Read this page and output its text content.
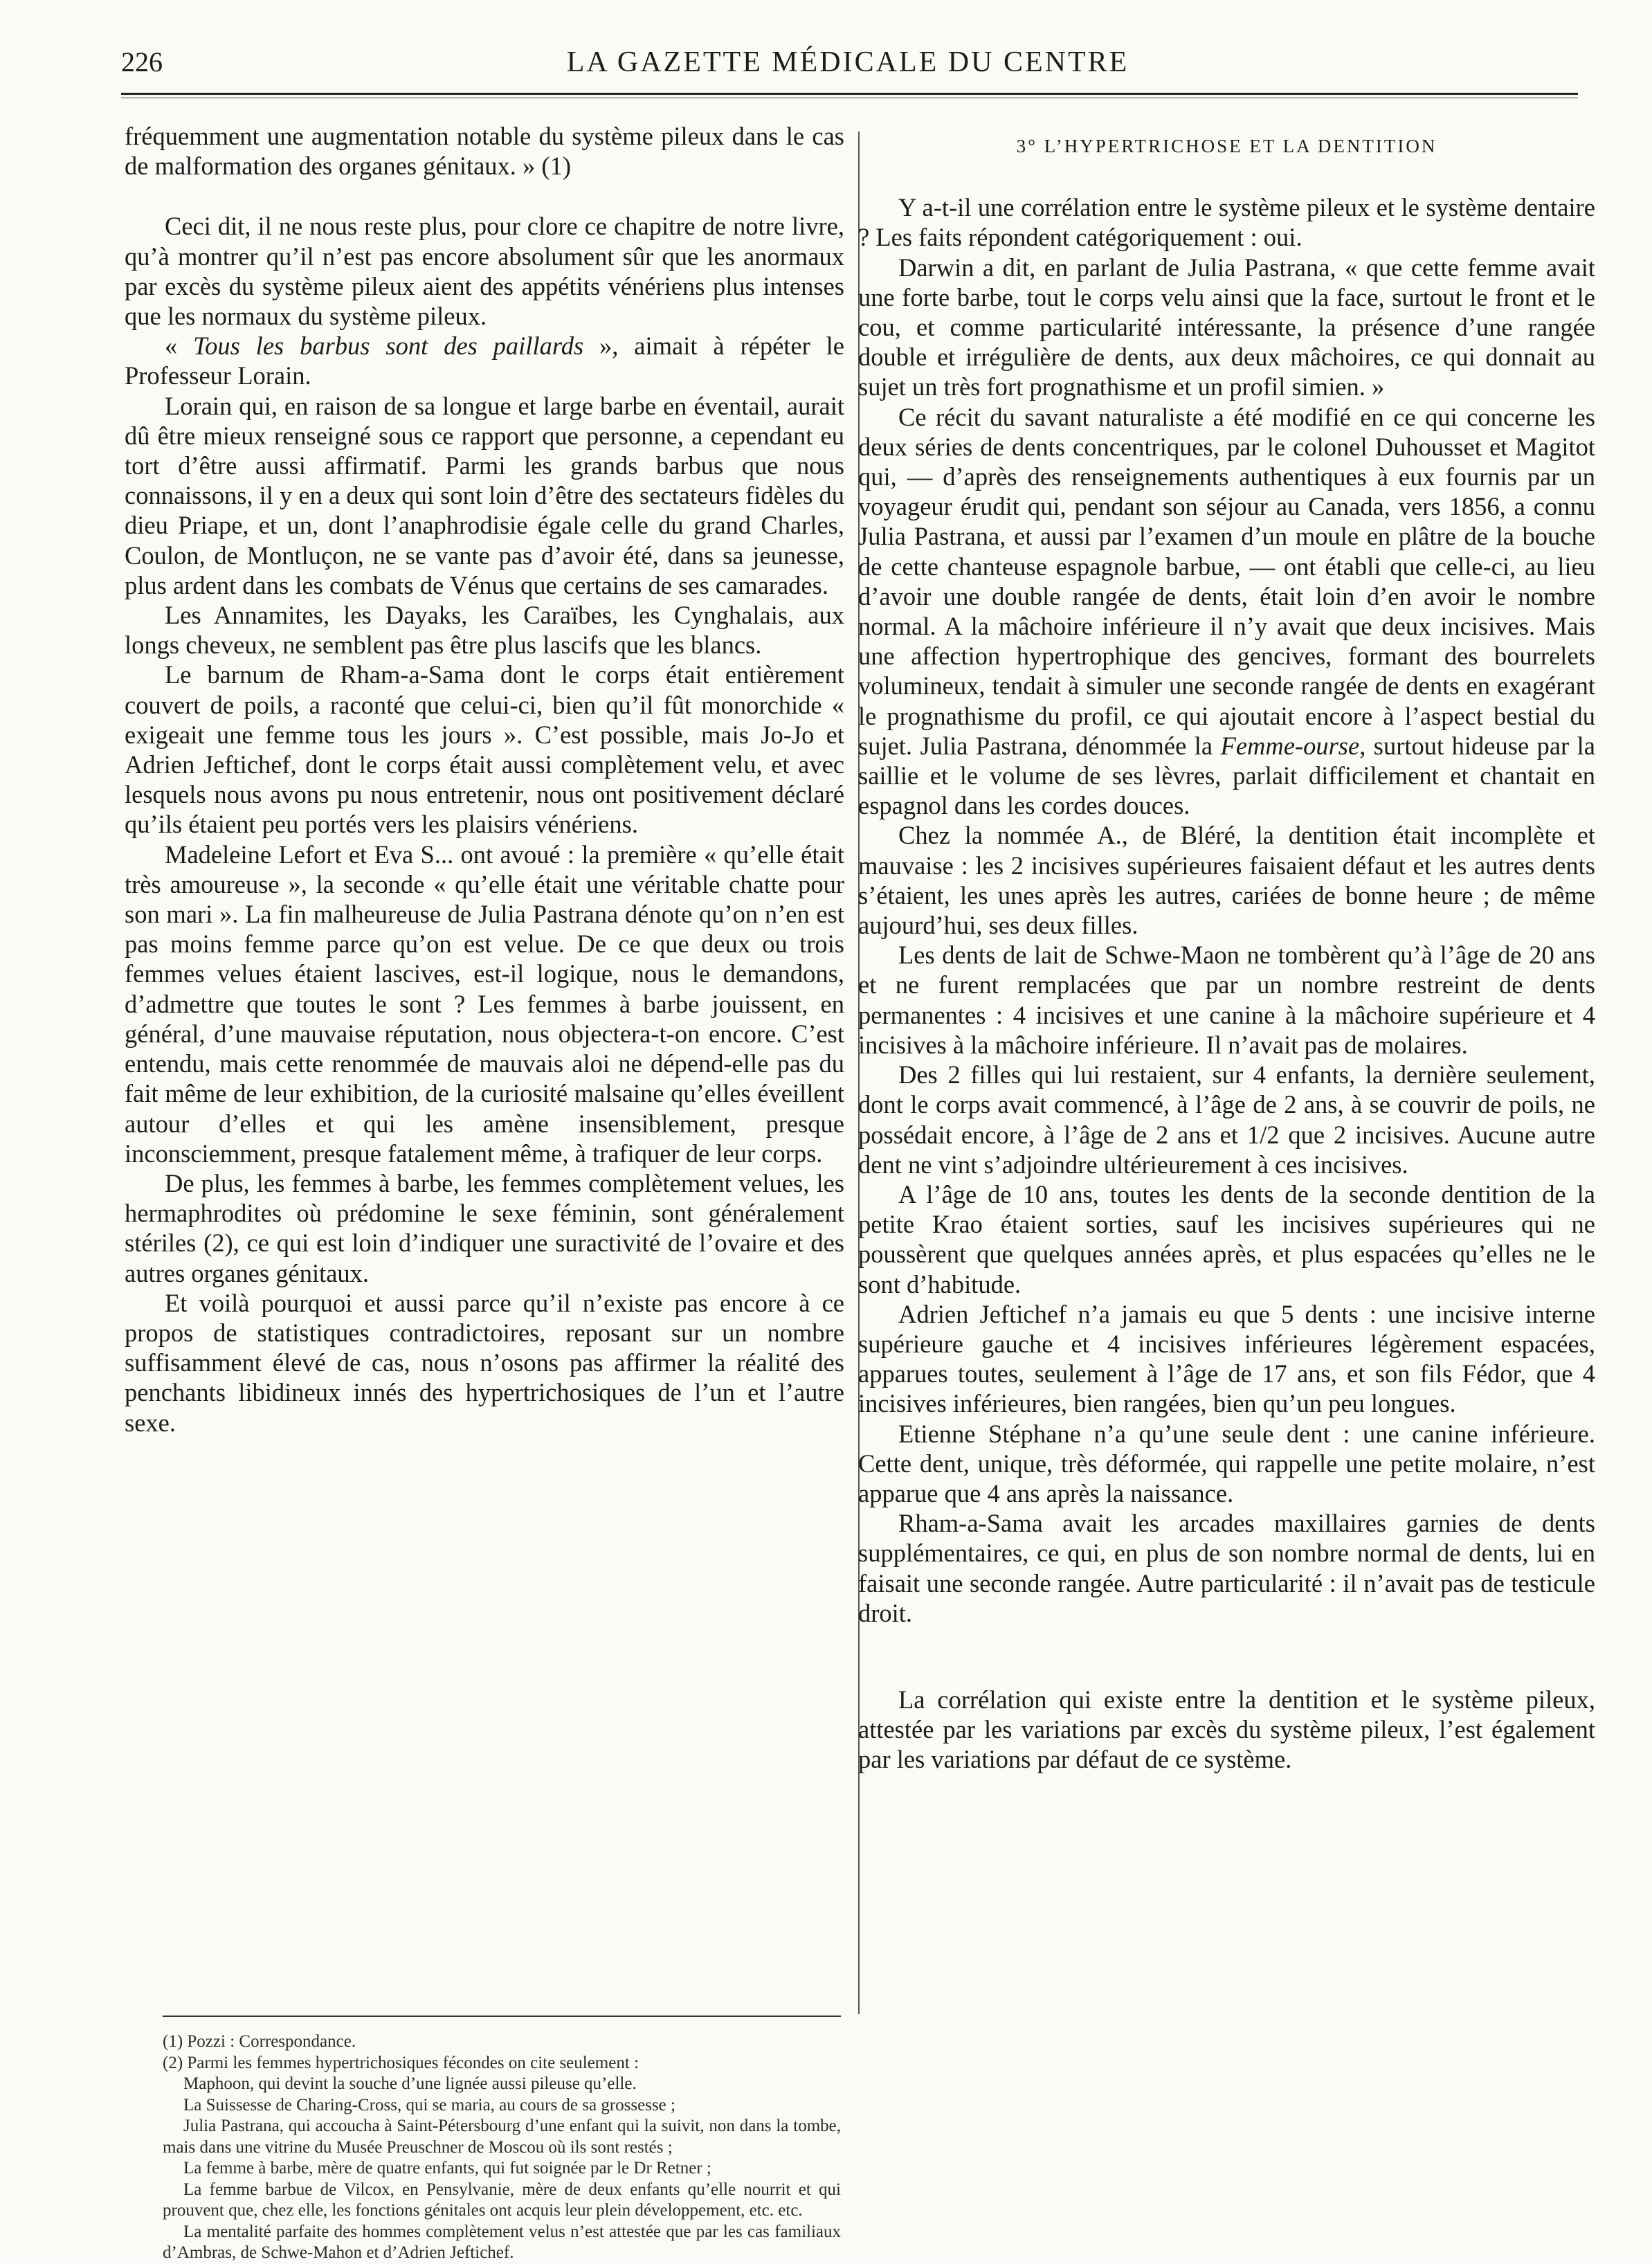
226	LA GAZETTE MÉDICALE DU CENTRE

fréquemment une augmentation notable du système pileux dans le cas de malformation des organes génitaux. » (1)

Ceci dit, il ne nous reste plus, pour clore ce chapitre de notre livre, qu’à montrer qu’il n’est pas encore absolument sûr que les anormaux par excès du système pileux aient des appétits vénériens plus intenses que les normaux du système pileux.

« Tous les barbus sont des paillards », aimait à répéter le Professeur Lorain.

Lorain qui, en raison de sa longue et large barbe en éventail, aurait dû être mieux renseigné sous ce rapport que personne, a cependant eu tort d’être aussi affirmatif. Parmi les grands barbus que nous connaissons, il y en a deux qui sont loin d’être des sectateurs fidèles du dieu Priape, et un, dont l’anaphrodisie égale celle du grand Charles, Coulon, de Montluçon, ne se vante pas d’avoir été, dans sa jeunesse, plus ardent dans les combats de Vénus que certains de ses camarades.

Les Annamites, les Dayaks, les Caraïbes, les Cynghalais, aux longs cheveux, ne semblent pas être plus lascifs que les blancs.

Le barnum de Rham-a-Sama dont le corps était entièrement couvert de poils, a raconté que celui-ci, bien qu’il fût monorchide « exigeait une femme tous les jours ». C’est possible, mais Jo-Jo et Adrien Jeftichef, dont le corps était aussi complètement velu, et avec lesquels nous avons pu nous entretenir, nous ont positivement déclaré qu’ils étaient peu portés vers les plaisirs vénériens.

Madeleine Lefort et Eva S... ont avoué : la première « qu’elle était très amoureuse », la seconde « qu’elle était une véritable chatte pour son mari ». La fin malheureuse de Julia Pastrana dénote qu’on n’en est pas moins femme parce qu’on est velue. De ce que deux ou trois femmes velues étaient lascives, est-il logique, nous le demandons, d’admettre que toutes le sont ? Les femmes à barbe jouissent, en général, d’une mauvaise réputation, nous objectera-t-on encore. C’est entendu, mais cette renommée de mauvais aloi ne dépend-elle pas du fait même de leur exhibition, de la curiosité malsaine qu’elles éveillent autour d’elles et qui les amène insensiblement, presque inconsciemment, presque fatalement même, à trafiquer de leur corps.

De plus, les femmes à barbe, les femmes complètement velues, les hermaphrodites où prédomine le sexe féminin, sont généralement stériles (2), ce qui est loin d’indiquer une suractivité de l’ovaire et des autres organes génitaux.

Et voilà pourquoi et aussi parce qu’il n’existe pas encore à ce propos de statistiques contradictoires, reposant sur un nombre suffisamment élevé de cas, nous n’osons pas affirmer la réalité des penchants libidineux innés des hypertrichosiques de l’un et l’autre sexe.

3° L’HYPERTRICHOSE ET LA DENTITION

Y a-t-il une corrélation entre le système pileux et le système dentaire ? Les faits répondent catégoriquement : oui.

Darwin a dit, en parlant de Julia Pastrana, « que cette femme avait une forte barbe, tout le corps velu ainsi que la face, surtout le front et le cou, et comme particularité intéressante, la présence d’une rangée double et irrégulière de dents, aux deux mâchoires, ce qui donnait au sujet un très fort prognathisme et un profil simien. »

Ce récit du savant naturaliste a été modifié en ce qui concerne les deux séries de dents concentriques, par le colonel Duhousset et Magitot qui, — d’après des renseignements authentiques à eux fournis par un voyageur érudit qui, pendant son séjour au Canada, vers 1856, a connu Julia Pastrana, et aussi par l’examen d’un moule en plâtre de la bouche de cette chanteuse espagnole barbue, — ont établi que celle-ci, au lieu d’avoir une double rangée de dents, était loin d’en avoir le nombre normal. A la mâchoire inférieure il n’y avait que deux incisives. Mais une affection hypertrophique des gencives, formant des bourrelets volumineux, tendait à simuler une seconde rangée de dents en exagérant le prognathisme du profil, ce qui ajoutait encore à l’aspect bestial du sujet. Julia Pastrana, dénommée la Femme-ourse, surtout hideuse par la saillie et le volume de ses lèvres, parlait difficilement et chantait en espagnol dans les cordes douces.

Chez la nommée A., de Bléré, la dentition était incomplète et mauvaise : les 2 incisives supérieures faisaient défaut et les autres dents s’étaient, les unes après les autres, cariées de bonne heure ; de même aujourd’hui, ses deux filles.

Les dents de lait de Schwe-Maon ne tombèrent qu’à l’âge de 20 ans et ne furent remplacées que par un nombre restreint de dents permanentes : 4 incisives et une canine à la mâchoire supérieure et 4 incisives à la mâchoire inférieure. Il n’avait pas de molaires.

Des 2 filles qui lui restaient, sur 4 enfants, la dernière seulement, dont le corps avait commencé, à l’âge de 2 ans, à se couvrir de poils, ne possédait encore, à l’âge de 2 ans et 1/2 que 2 incisives. Aucune autre dent ne vint s’adjoindre ultérieurement à ces incisives.

A l’âge de 10 ans, toutes les dents de la seconde dentition de la petite Krao étaient sorties, sauf les incisives supérieures qui ne poussèrent que quelques années après, et plus espacées qu’elles ne le sont d’habitude.

Adrien Jeftichef n’a jamais eu que 5 dents : une incisive interne supérieure gauche et 4 incisives inférieures légèrement espacées, apparues toutes, seulement à l’âge de 17 ans, et son fils Fédor, que 4 incisives inférieures, bien rangées, bien qu’un peu longues.

Etienne Stéphane n’a qu’une seule dent : une canine inférieure. Cette dent, unique, très déformée, qui rappelle une petite molaire, n’est apparue que 4 ans après la naissance.

Rham-a-Sama avait les arcades maxillaires garnies de dents supplémentaires, ce qui, en plus de son nombre normal de dents, lui en faisait une seconde rangée. Autre particularité : il n’avait pas de testicule droit.

La corrélation qui existe entre la dentition et le système pileux, attestée par les variations par excès du système pileux, l’est également par les variations par défaut de ce système.

(1) Pozzi : Correspondance.

(2) Parmi les femmes hypertrichosiques fécondes on cite seulement :

Maphoon, qui devint la souche d’une lignée aussi pileuse qu’elle.

La Suissesse de Charing-Cross, qui se maria, au cours de sa grossesse ;

Julia Pastrana, qui accoucha à Saint-Pétersbourg d’une enfant qui la suivit, non dans la tombe, mais dans une vitrine du Musée Preuschner de Moscou où ils sont restés ;

La femme à barbe, mère de quatre enfants, qui fut soignée par le Dr Retner ;

La femme barbue de Vilcox, en Pensylvanie, mère de deux enfants qu’elle nourrit et qui prouvent que, chez elle, les fonctions génitales ont acquis leur plein développement, etc. etc.

La mentalité parfaite des hommes complètement velus n’est attestée que par les cas familiaux d’Ambras, de Schwe-Mahon et d’Adrien Jeftichef.
